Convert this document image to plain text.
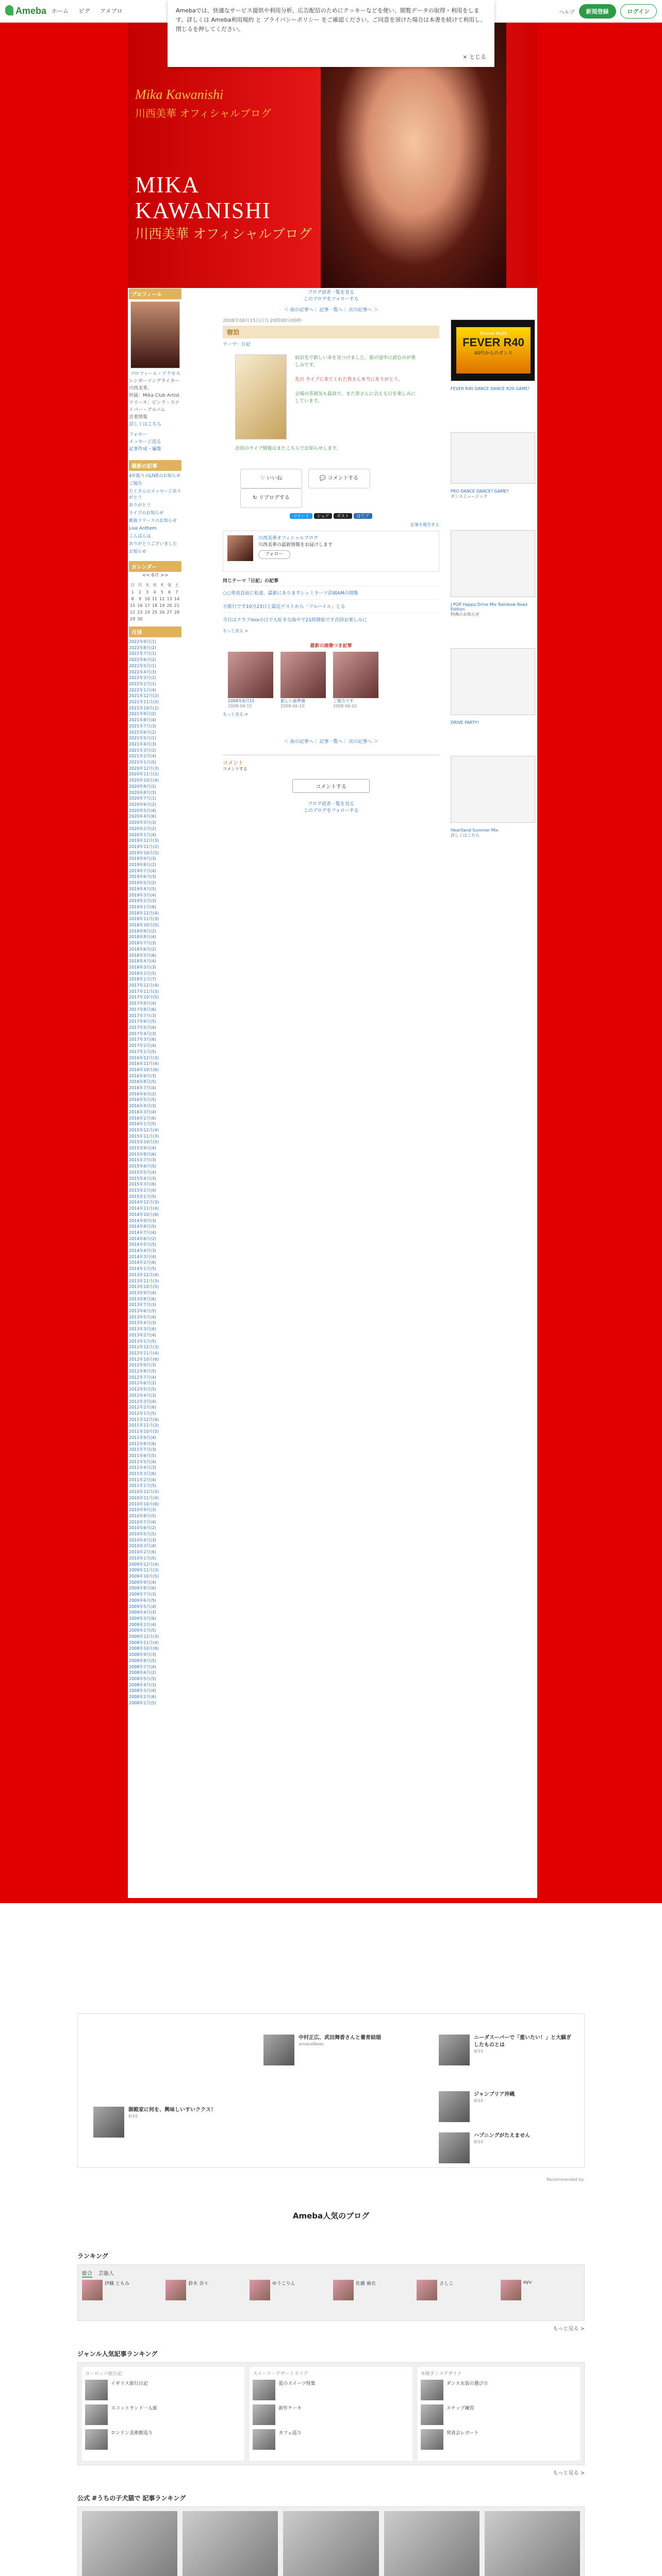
Ameba ホーム ピグ アメブロ	ヘルプ	新規登録	ログイン
Amebaでは、快適なサービス提供や利用分析、広告配信のためにクッキーなどを使い、閲覧データの取得・利用をします。詳しくは Ameba利用規約 と プライバシーポリシー をご確認ください。ご同意を頂けた場合は本書を続けて利用し、閉じるを押してください。
× とじる
Mika Kawanishi
川西美華 オフィシャルブログ
MIKA
KAWANISHI
川西美華 オフィシャルブログ
プロフィール

プロフィール・アクセス

シンガーソングライター川西美華。

所属：Mika Club Artist

リリース：ピンク・スナイパー・アルバム

音楽情報

詳しくはこちら

フォロー

メッセージ送る

記事作成・編集

最新の記事

4年振りのLIVEのお知らせ

ご報告

たくさんのメッセージありがとう

ありがとう

ライブのお知らせ

新曲リリースのお知らせ

Live Anthem

こんばんは

ありがとうございました

お知らせ

カレンダー

<< 6月 >>

日	月	火	水	木	金	土
1	2	3	4	5	6	7
8	9	10	11	12	13	14
15	16	17	18	19	20	21
22	23	24	25	26	27	28
29	30					
月別
2022年9月(1)
2022年8月(2)
2022年7月(1)
2022年6月(2)
2022年5月(1)
2022年4月(3)
2022年3月(2)
2022年2月(1)
2022年1月(4)
2021年12月(2)
2021年11月(3)
2021年10月(1)
2021年9月(2)
2021年8月(4)
2021年7月(3)
2021年6月(2)
2021年5月(1)
2021年4月(3)
2021年3月(2)
2021年2月(4)
2021年1月(5)
2020年12月(3)
2020年11月(2)
2020年10月(4)
2020年9月(2)
2020年8月(3)
2020年7月(1)
2020年6月(2)
2020年5月(4)
2020年4月(6)
2020年3月(3)
2020年2月(2)
2020年1月(4)
2019年12月(3)
2019年11月(2)
2019年10月(5)
2019年9月(3)
2019年8月(2)
2019年7月(4)
2019年6月(3)
2019年5月(2)
2019年4月(5)
2019年3月(4)
2019年2月(3)
2019年1月(6)
2018年12月(4)
2018年11月(3)
2018年10月(5)
2018年9月(2)
2018年8月(4)
2018年7月(3)
2018年6月(2)
2018年5月(6)
2018年4月(4)
2018年3月(3)
2018年2月(5)
2018年1月(7)
2017年12月(4)
2017年11月(3)
2017年10月(5)
2017年9月(4)
2017年8月(6)
2017年7月(3)
2017年6月(5)
2017年5月(4)
2017年4月(3)
2017年3月(6)
2017年2月(4)
2017年1月(5)
2016年12月(3)
2016年11月(4)
2016年10月(6)
2016年9月(3)
2016年8月(5)
2016年7月(4)
2016年6月(2)
2016年5月(5)
2016年4月(3)
2016年3月(4)
2016年2月(6)
2016年1月(5)
2015年12月(4)
2015年11月(3)
2015年10月(5)
2015年9月(4)
2015年8月(6)
2015年7月(3)
2015年6月(5)
2015年5月(4)
2015年4月(3)
2015年3月(6)
2015年2月(4)
2015年1月(5)
2014年12月(3)
2014年11月(4)
2014年10月(6)
2014年9月(3)
2014年8月(5)
2014年7月(4)
2014年6月(2)
2014年5月(5)
2014年4月(3)
2014年3月(4)
2014年2月(6)
2014年1月(5)
2013年12月(4)
2013年11月(3)
2013年10月(5)
2013年9月(4)
2013年8月(6)
2013年7月(3)
2013年6月(5)
2013年5月(4)
2013年4月(3)
2013年3月(6)
2013年2月(4)
2013年1月(5)
2012年12月(3)
2012年11月(4)
2012年10月(6)
2012年9月(3)
2012年8月(5)
2012年7月(4)
2012年6月(2)
2012年5月(5)
2012年4月(3)
2012年3月(4)
2012年2月(6)
2012年1月(5)
2011年12月(4)
2011年11月(3)
2011年10月(5)
2011年9月(4)
2011年8月(6)
2011年7月(3)
2011年6月(5)
2011年5月(4)
2011年4月(3)
2011年3月(6)
2011年2月(4)
2011年1月(5)
2010年12月(3)
2010年11月(4)
2010年10月(6)
2010年9月(3)
2010年8月(5)
2010年7月(4)
2010年6月(2)
2010年5月(5)
2010年4月(3)
2010年3月(4)
2010年2月(6)
2010年1月(5)
2009年12月(4)
2009年11月(3)
2009年10月(5)
2009年9月(4)
2009年8月(6)
2009年7月(3)
2009年6月(5)
2009年5月(4)
2009年4月(3)
2009年3月(6)
2009年2月(4)
2009年1月(5)
2008年12月(3)
2008年11月(4)
2008年10月(6)
2008年9月(3)
2008年8月(5)
2008年7月(4)
2008年6月(2)
2008年5月(5)
2008年4月(3)
2008年3月(4)
2008年2月(6)
2008年1月(5)

ブログ読者一覧を見る

このブログをフォローする

＜ 前の記事へ｜ 記事一覧へ｜ 次の記事へ ＞

2008年06月15日(日) 20時00分00秒

宿泊

テーマ：日記

宿泊先で新しい本を見つけました。旅の途中に読むのが楽しみです。

先日 ライブに来てくれた皆さん本当にありがとう。

会場の雰囲気も最高で、また皆さんに会える日を楽しみにしています。

次回のライブ情報はまたこちらでお知らせします。

♡ いいね	💬 コメントする ↻ リブログする
ツイート シェア ポスト はてブ

記事を報告する

川西美華オフィシャルブログ

川西美華の最新情報をお届けします

フォロー

同じテーマ「日記」の記事

○○発表直前に私達、最新にありますシュミラーツ詳細AMの情報
小旅行です10月23日と最近ゲストから「フルハイル」とる
今日はクラブmixの日で大好きな曲やで21時開始です次回お楽しみに

もっと見る >

最新の画像つき記事

2008年6月15

2008-06-15

新しい曲準備

2008-06-10

ご報告です

2008-06-02

もっと見る >

＜ 前の記事へ｜ 記事一覧へ｜ 次の記事へ ＞

コメント

コメントする

コメントする

ブログ読者一覧を見る

このブログをフォローする

Eternal Night

FEVER R40

40代からのダンス

FEVER R40 DANCE DANCE R20 GAME!

PRO DANCE DANCE? GAME?

ダンスミュージック

J-POP Happy Drive Mix Rainbow Road Edition

特典のお知らせ

DRIVE PARTY!

Heartland Summer Mix

詳しくはこちら

中村正広、武田舞香さんと養育結婚

amebaNews

ニーダスーパーで「重いたい！」と大騒ぎしたものとは

8/10

ジャンブリア沖縄

8/10

御殿家に何を、興味しいすいククス！

8/10

ハプニングがたえません

8/10

Recommended by

Ameba人気のブログ
ランキング
総合 芸能人
伊織 ともみ	鈴木 奈々	ゆうこりん	佐藤 麻衣	さしこ	ayu

もっと見る >

ジャンル人気記事ランキング

ヨーロッパ旅行記

イギリス旅行日記
スコットランド一人旅
ロンドン美術館巡り

スイーツ・デザートラリア

夏のスイーツ特集
新作ケーキ
カフェ巡り

本格ダンスデザイナ

ダンス衣装の選び方
ステップ練習
発表会レポート

もっと見る >

公式 #うちの子犬猫で 記事ランキング
